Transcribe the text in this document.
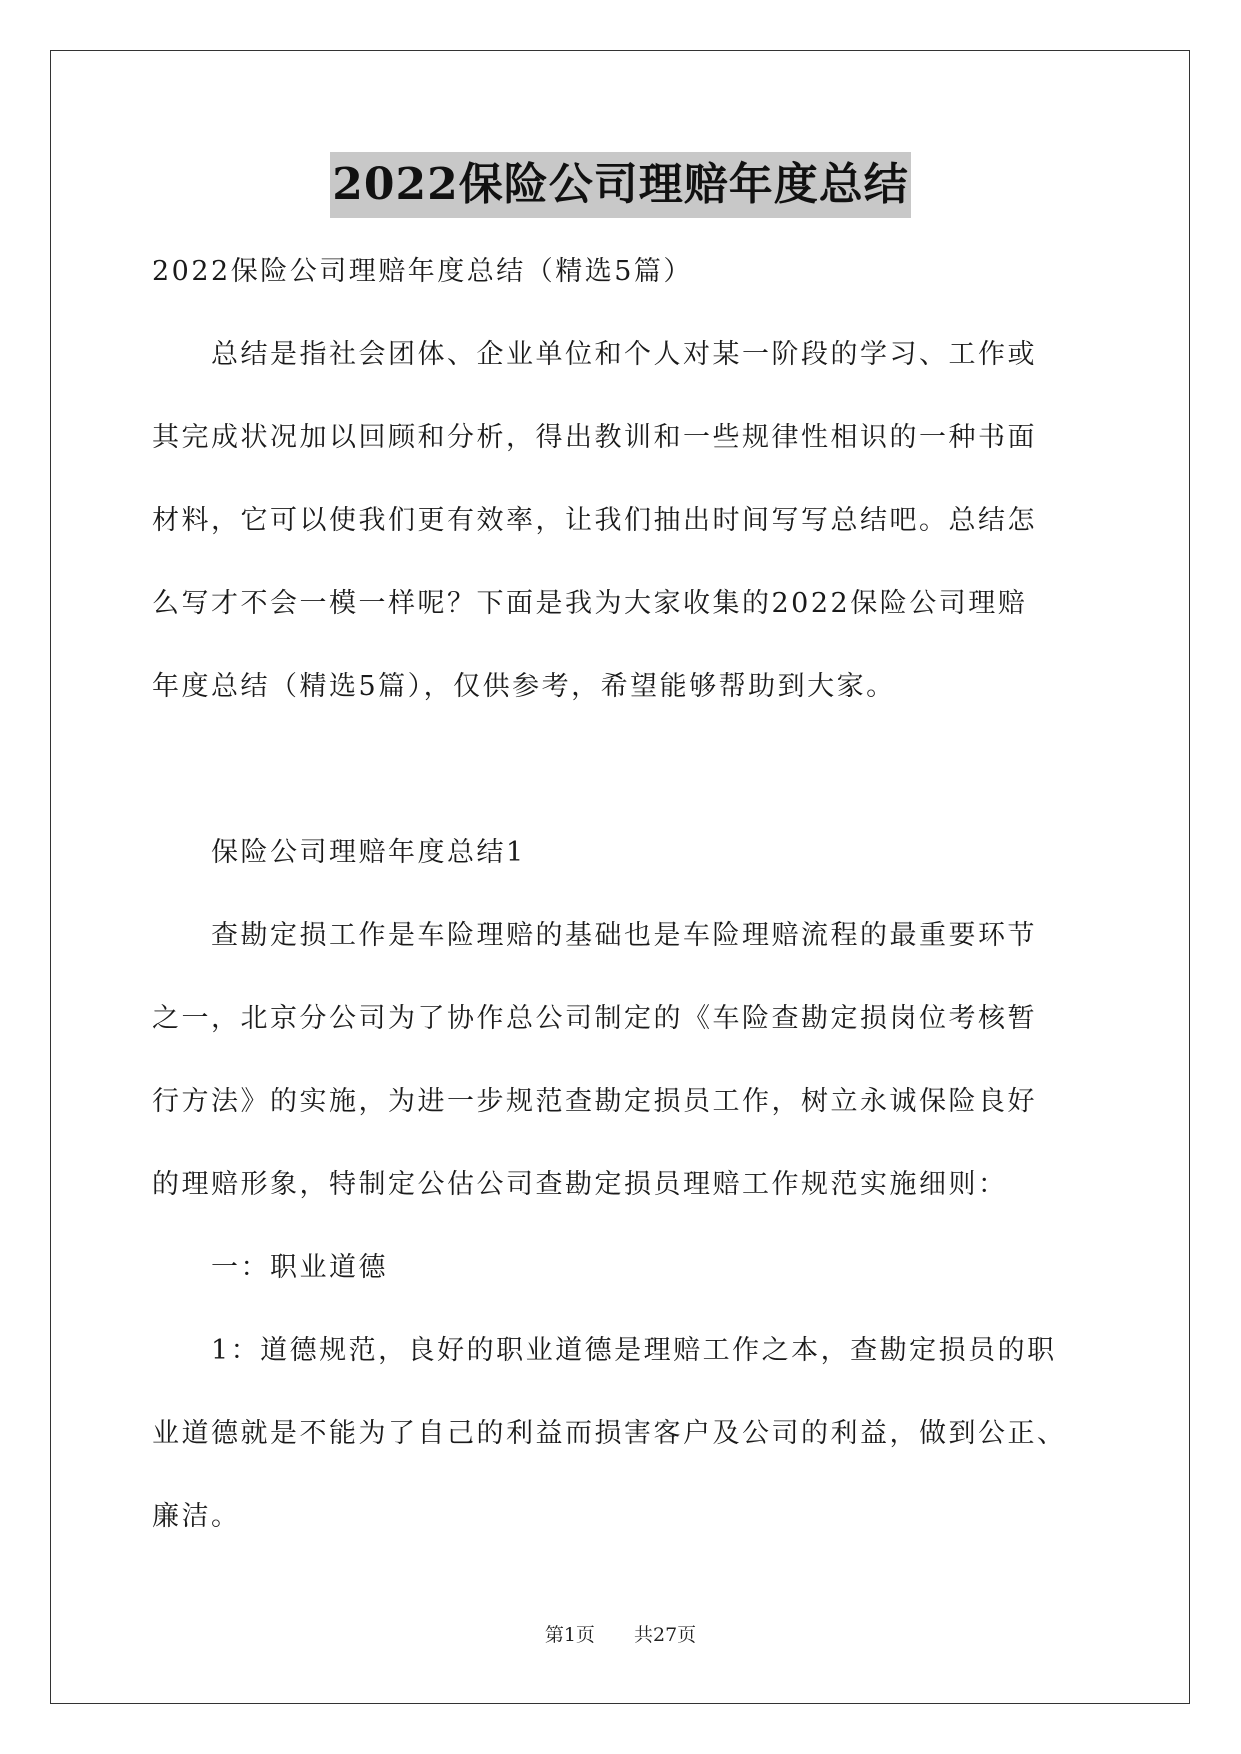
2022保险公司理赔年度总结
2022保险公司理赔年度总结（精选5篇）
　　总结是指社会团体、企业单位和个人对某一阶段的学习、工作或
其完成状况加以回顾和分析，得出教训和一些规律性相识的一种书面
材料，它可以使我们更有效率，让我们抽出时间写写总结吧。总结怎
么写才不会一模一样呢？下面是我为大家收集的2022保险公司理赔
年度总结（精选5篇），仅供参考，希望能够帮助到大家。
　　保险公司理赔年度总结1
　　查勘定损工作是车险理赔的基础也是车险理赔流程的最重要环节
之一，北京分公司为了协作总公司制定的《车险查勘定损岗位考核暂
行方法》的实施，为进一步规范查勘定损员工作，树立永诚保险良好
的理赔形象，特制定公估公司查勘定损员理赔工作规范实施细则：
　　一：职业道德
　　1：道德规范，良好的职业道德是理赔工作之本，查勘定损员的职
业道德就是不能为了自己的利益而损害客户及公司的利益，做到公正、
廉洁。
第1页   共27页
